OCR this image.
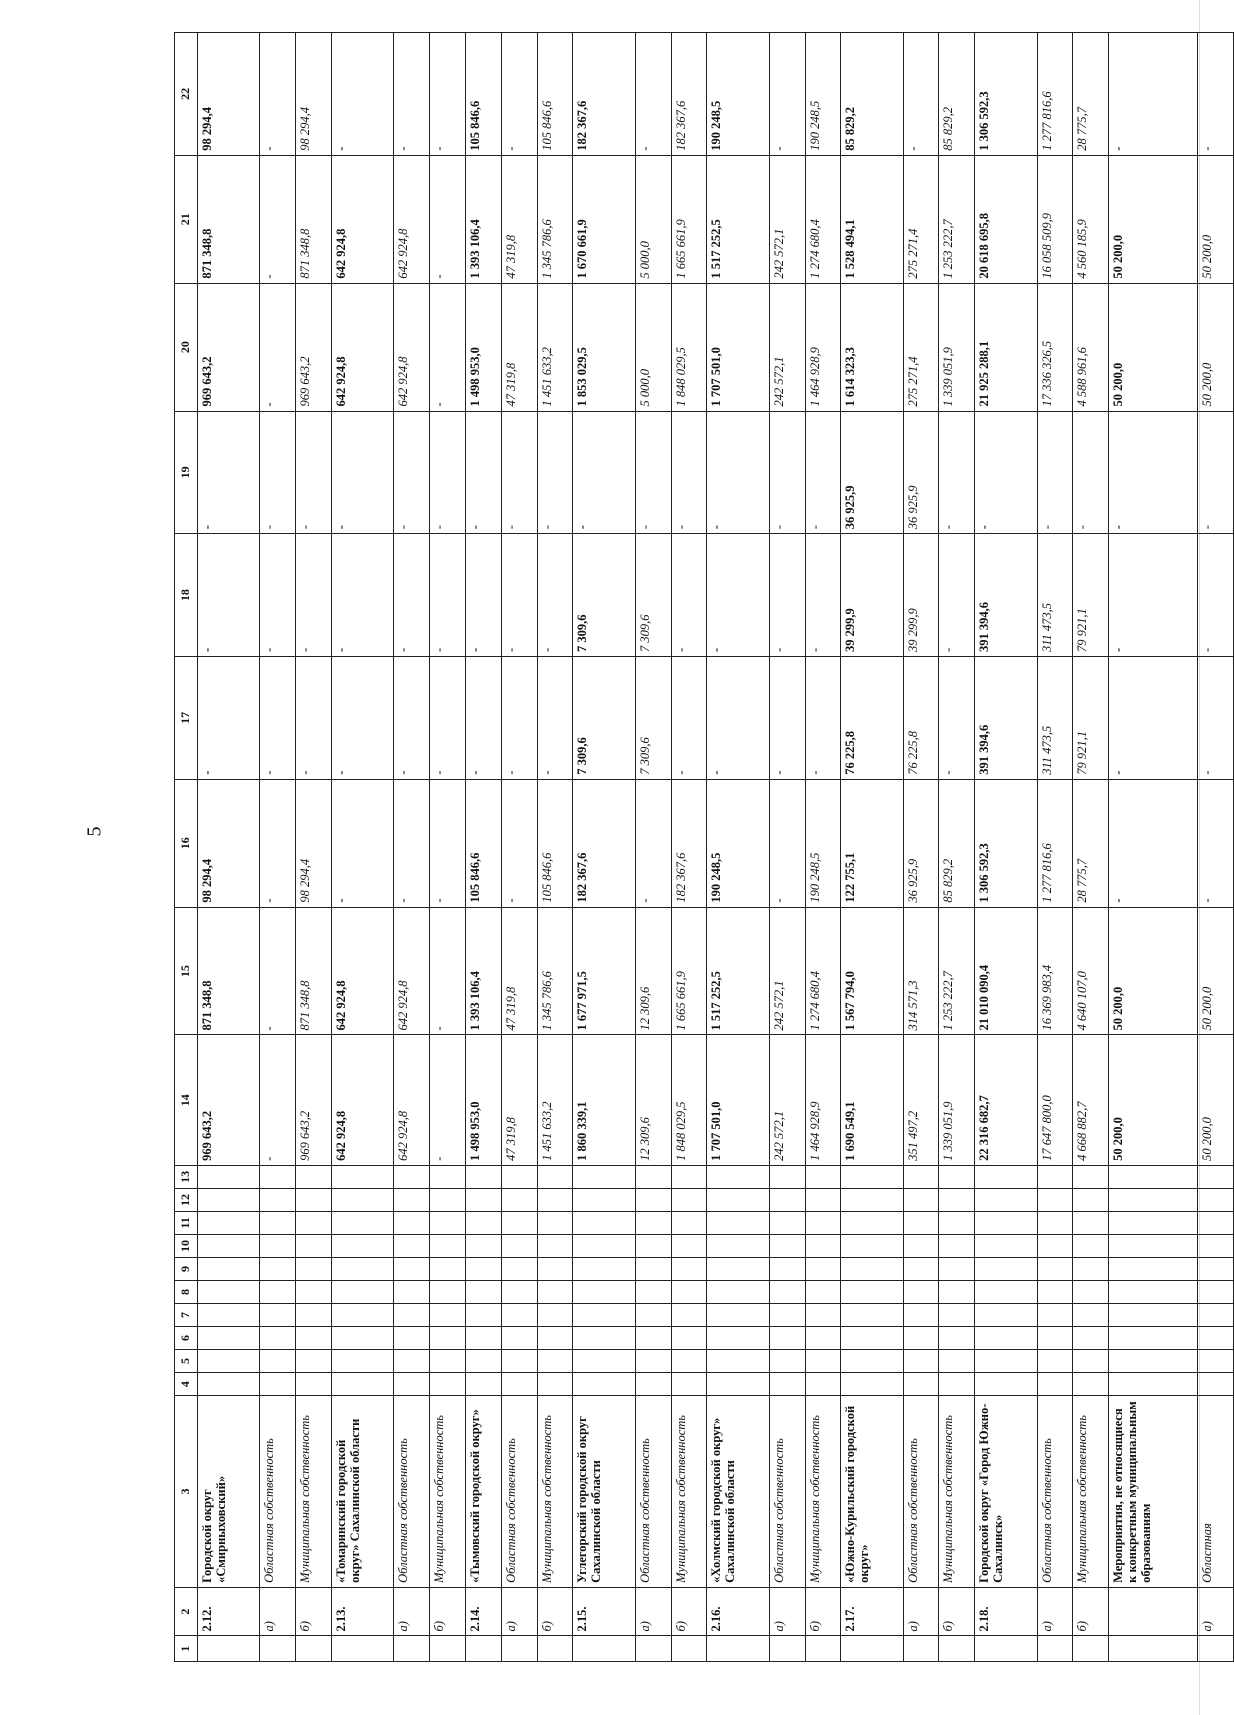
5
1	2	3	4	5	6	7	8	9	10	11	12	13	14	15	16	17	18	19	20	21	22
	2.12.	Городской округ «Смирныховский»											969 643,2	871 348,8	98 294,4	-	-	-	969 643,2	871 348,8	98 294,4
	а)	Областная собственность											-	-	-	-	-	-	-	-	-
	б)	Муниципальная собственность											969 643,2	871 348,8	98 294,4	-	-	-	969 643,2	871 348,8	98 294,4
	2.13.	«Томаринский городской округ» Сахалинской области											642 924,8	642 924,8	-	-	-	-	642 924,8	642 924,8	-
	а)	Областная собственность											642 924,8	642 924,8	-	-	-	-	642 924,8	642 924,8	-
	б)	Муниципальная собственность											-	-	-	-	-	-	-	-	-
	2.14.	«Тымовский городской округ»											1 498 953,0	1 393 106,4	105 846,6	-	-	-	1 498 953,0	1 393 106,4	105 846,6
	а)	Областная собственность											47 319,8	47 319,8	-	-	-	-	47 319,8	47 319,8	-
	б)	Муниципальная собственность											1 451 633,2	1 345 786,6	105 846,6	-	-	-	1 451 633,2	1 345 786,6	105 846,6
	2.15.	Углегорский городской округ Сахалинской области											1 860 339,1	1 677 971,5	182 367,6	7 309,6	7 309,6	-	1 853 029,5	1 670 661,9	182 367,6
	а)	Областная собственность											12 309,6	12 309,6	-	7 309,6	7 309,6	-	5 000,0	5 000,0	-
	б)	Муниципальная собственность											1 848 029,5	1 665 661,9	182 367,6	-	-	-	1 848 029,5	1 665 661,9	182 367,6
	2.16.	«Холмский городской округ» Сахалинской области											1 707 501,0	1 517 252,5	190 248,5	-	-	-	1 707 501,0	1 517 252,5	190 248,5
	а)	Областная собственность											242 572,1	242 572,1	-	-	-	-	242 572,1	242 572,1	-
	б)	Муниципальная собственность											1 464 928,9	1 274 680,4	190 248,5	-	-	-	1 464 928,9	1 274 680,4	190 248,5
	2.17.	«Южно-Курильский городской округ»											1 690 549,1	1 567 794,0	122 755,1	76 225,8	39 299,9	36 925,9	1 614 323,3	1 528 494,1	85 829,2
	а)	Областная собственность											351 497,2	314 571,3	36 925,9	76 225,8	39 299,9	36 925,9	275 271,4	275 271,4	-
	б)	Муниципальная собственность											1 339 051,9	1 253 222,7	85 829,2	-	-	-	1 339 051,9	1 253 222,7	85 829,2
	2.18.	Городской округ «Город Южно-Сахалинск»											22 316 682,7	21 010 090,4	1 306 592,3	391 394,6	391 394,6	-	21 925 288,1	20 618 695,8	1 306 592,3
	а)	Областная собственность											17 647 800,0	16 369 983,4	1 277 816,6	311 473,5	311 473,5	-	17 336 326,5	16 058 509,9	1 277 816,6
	б)	Муниципальная собственность											4 668 882,7	4 640 107,0	28 775,7	79 921,1	79 921,1	-	4 588 961,6	4 560 185,9	28 775,7
		Мероприятия, не относящиеся к конкретным муниципальным образованиям											50 200,0	50 200,0	-	-	-	-	50 200,0	50 200,0	-
	а)	Областная											50 200,0	50 200,0	-	-	-	-	50 200,0	50 200,0	-
